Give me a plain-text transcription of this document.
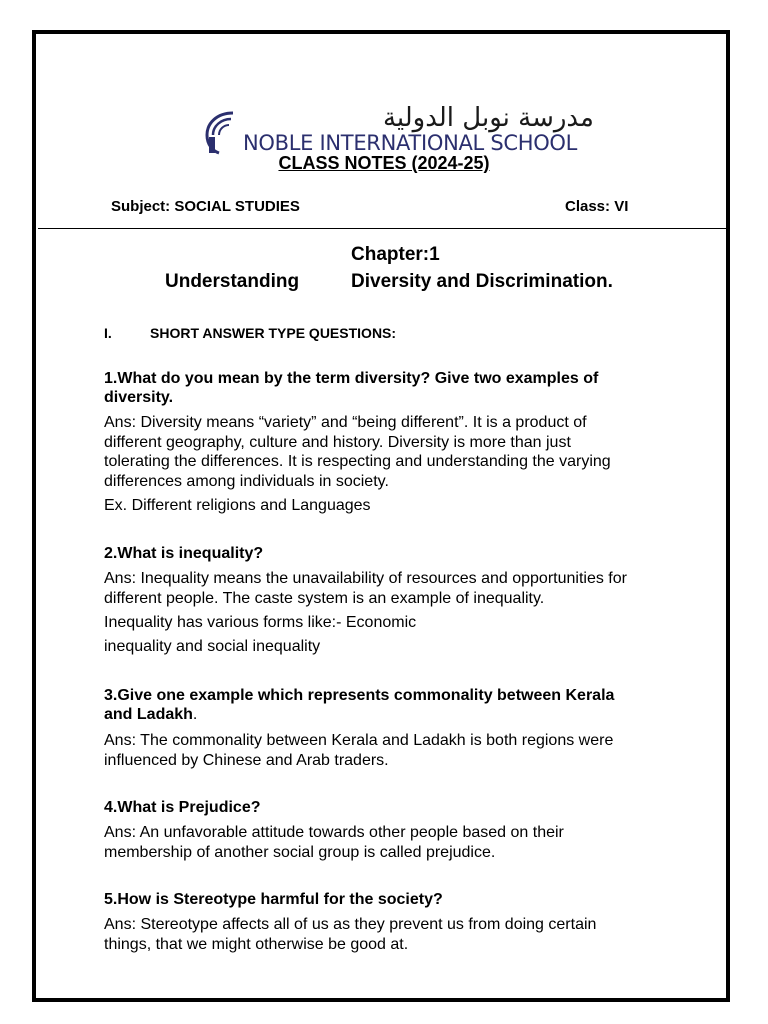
مدرسة نوبل الدولية
NOBLE INTERNATIONAL SCHOOL
CLASS NOTES (2024-25)
Subject: SOCIAL STUDIES	Class: VI
Chapter:1
Understanding	Diversity and Discrimination.
I.	SHORT ANSWER TYPE QUESTIONS:
1.What do you mean by the term diversity? Give two examples of
diversity.
Ans: Diversity means “variety” and “being different”. It is a product of
different geography, culture and history. Diversity is more than just
tolerating the differences. It is respecting and understanding the varying
differences among individuals in society.
Ex. Different religions and Languages
2.What is inequality?
Ans: Inequality means the unavailability of resources and opportunities for
different people. The caste system is an example of inequality.
Inequality has various forms like:- Economic
inequality and social inequality
3.Give one example which represents commonality between Kerala
and Ladakh.
Ans: The commonality between Kerala and Ladakh is both regions were
influenced by Chinese and Arab traders.
4.What is Prejudice?
Ans: An unfavorable attitude towards other people based on their
membership of another social group is called prejudice.
5.How is Stereotype harmful for the society?
Ans: Stereotype affects all of us as they prevent us from doing certain
things, that we might otherwise be good at.
